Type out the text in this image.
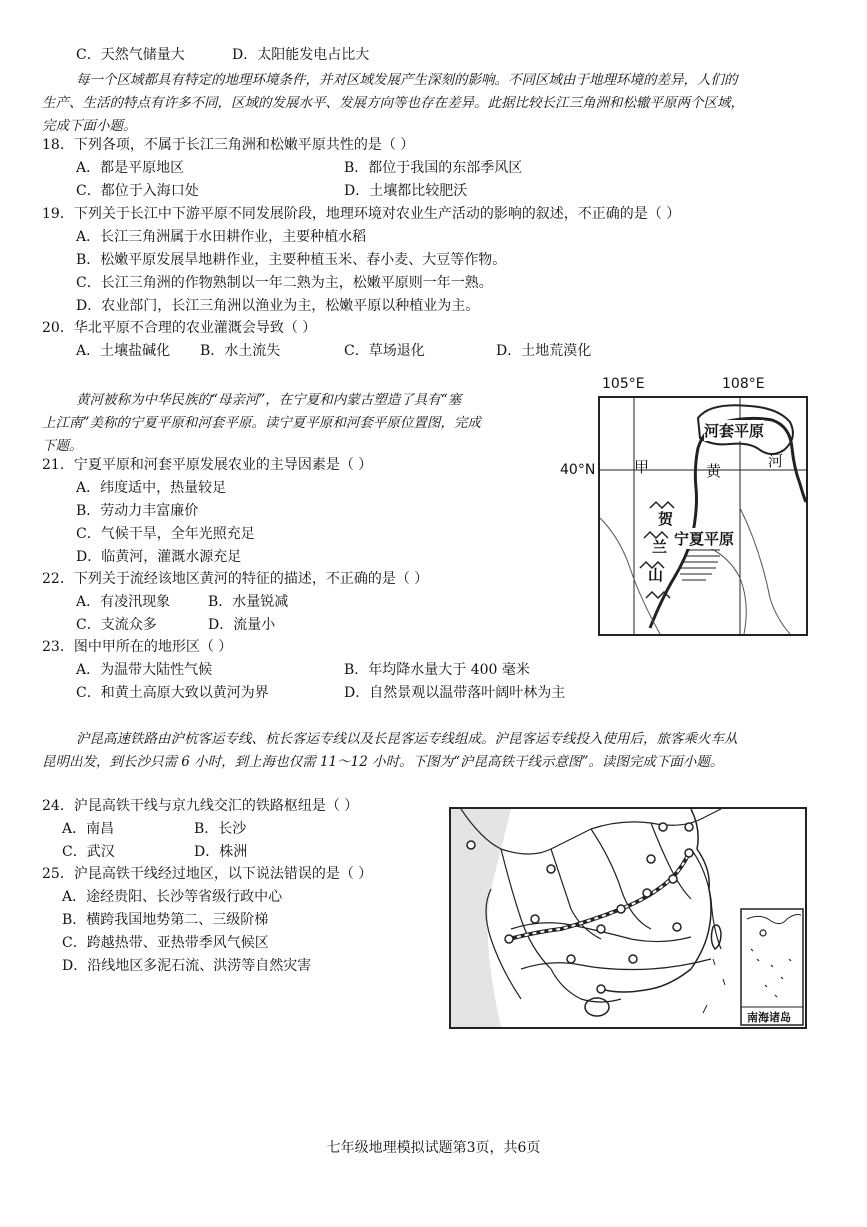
C．天然气储量大	D．太阳能发电占比大
每一个区域都具有特定的地理环境条件，并对区域发展产生深刻的影响。不同区域由于地理环境的差异，人们的
生产、生活的特点有许多不同，区域的发展水平、发展方向等也存在差异。此据比较长江三角洲和松辙平原两个区域，
完成下面小题。
18．下列各项，不属于长江三角洲和松嫩平原共性的是（ ）
A．都是平原地区	B．都位于我国的东部季风区
C．都位于入海口处	D．土壤都比较肥沃
19．下列关于长江中下游平原不同发展阶段，地理环境对农业生产活动的影响的叙述，不正确的是（ ）
A．长江三角洲属于水田耕作业，主要种植水稻
B．松嫩平原发展旱地耕作业，主要种植玉米、春小麦、大豆等作物。
C．长江三角洲的作物熟制以一年二熟为主，松嫩平原则一年一熟。
D．农业部门，长江三角洲以渔业为主，松嫩平原以种植业为主。
20．华北平原不合理的农业灌溉会导致（ ）
A．土壤盐碱化 B．水土流失	C．草场退化	D．土地荒漠化
黄河被称为中华民族的“母亲河”，在宁夏和内蒙古塑造了具有“塞
上江南”美称的宁夏平原和河套平原。读宁夏平原和河套平原位置图，完成
下题。
105°E	108°E
40°N
河套平原
甲	黄
河
宁夏平原
贺
兰
山
21．宁夏平原和河套平原发展农业的主导因素是（ ）
A．纬度适中，热量较足
B．劳动力丰富廉价
C．气候干旱，全年光照充足
D．临黄河，灌溉水源充足
22．下列关于流经该地区黄河的特征的描述，不正确的是（ ）
A．有凌汛现象	B．水量锐减
C．支流众多	D．流量小
23．图中甲所在的地形区（ ）
A．为温带大陆性气候	B．年均降水量大于 400 毫米
C．和黄土高原大致以黄河为界	D．自然景观以温带落叶阔叶林为主
沪昆高速铁路由沪杭客运专线、杭长客运专线以及长昆客运专线组成。沪昆客运专线投入使用后，旅客乘火车从
昆明出发，到长沙只需 6 小时，到上海也仅需 11～12 小时。下图为“沪昆高铁干线示意图”。读图完成下面小题。
24．沪昆高铁干线与京九线交汇的铁路枢纽是（ ）
A．南昌	B．长沙
C．武汉	D．株洲
25．沪昆高铁干线经过地区，以下说法错误的是（ ）
A．途经贵阳、长沙等省级行政中心
B．横跨我国地势第二、三级阶梯
C．跨越热带、亚热带季风气候区
D．沿线地区多泥石流、洪涝等自然灾害
南海诸岛
七年级地理模拟试题第3页，共6页
